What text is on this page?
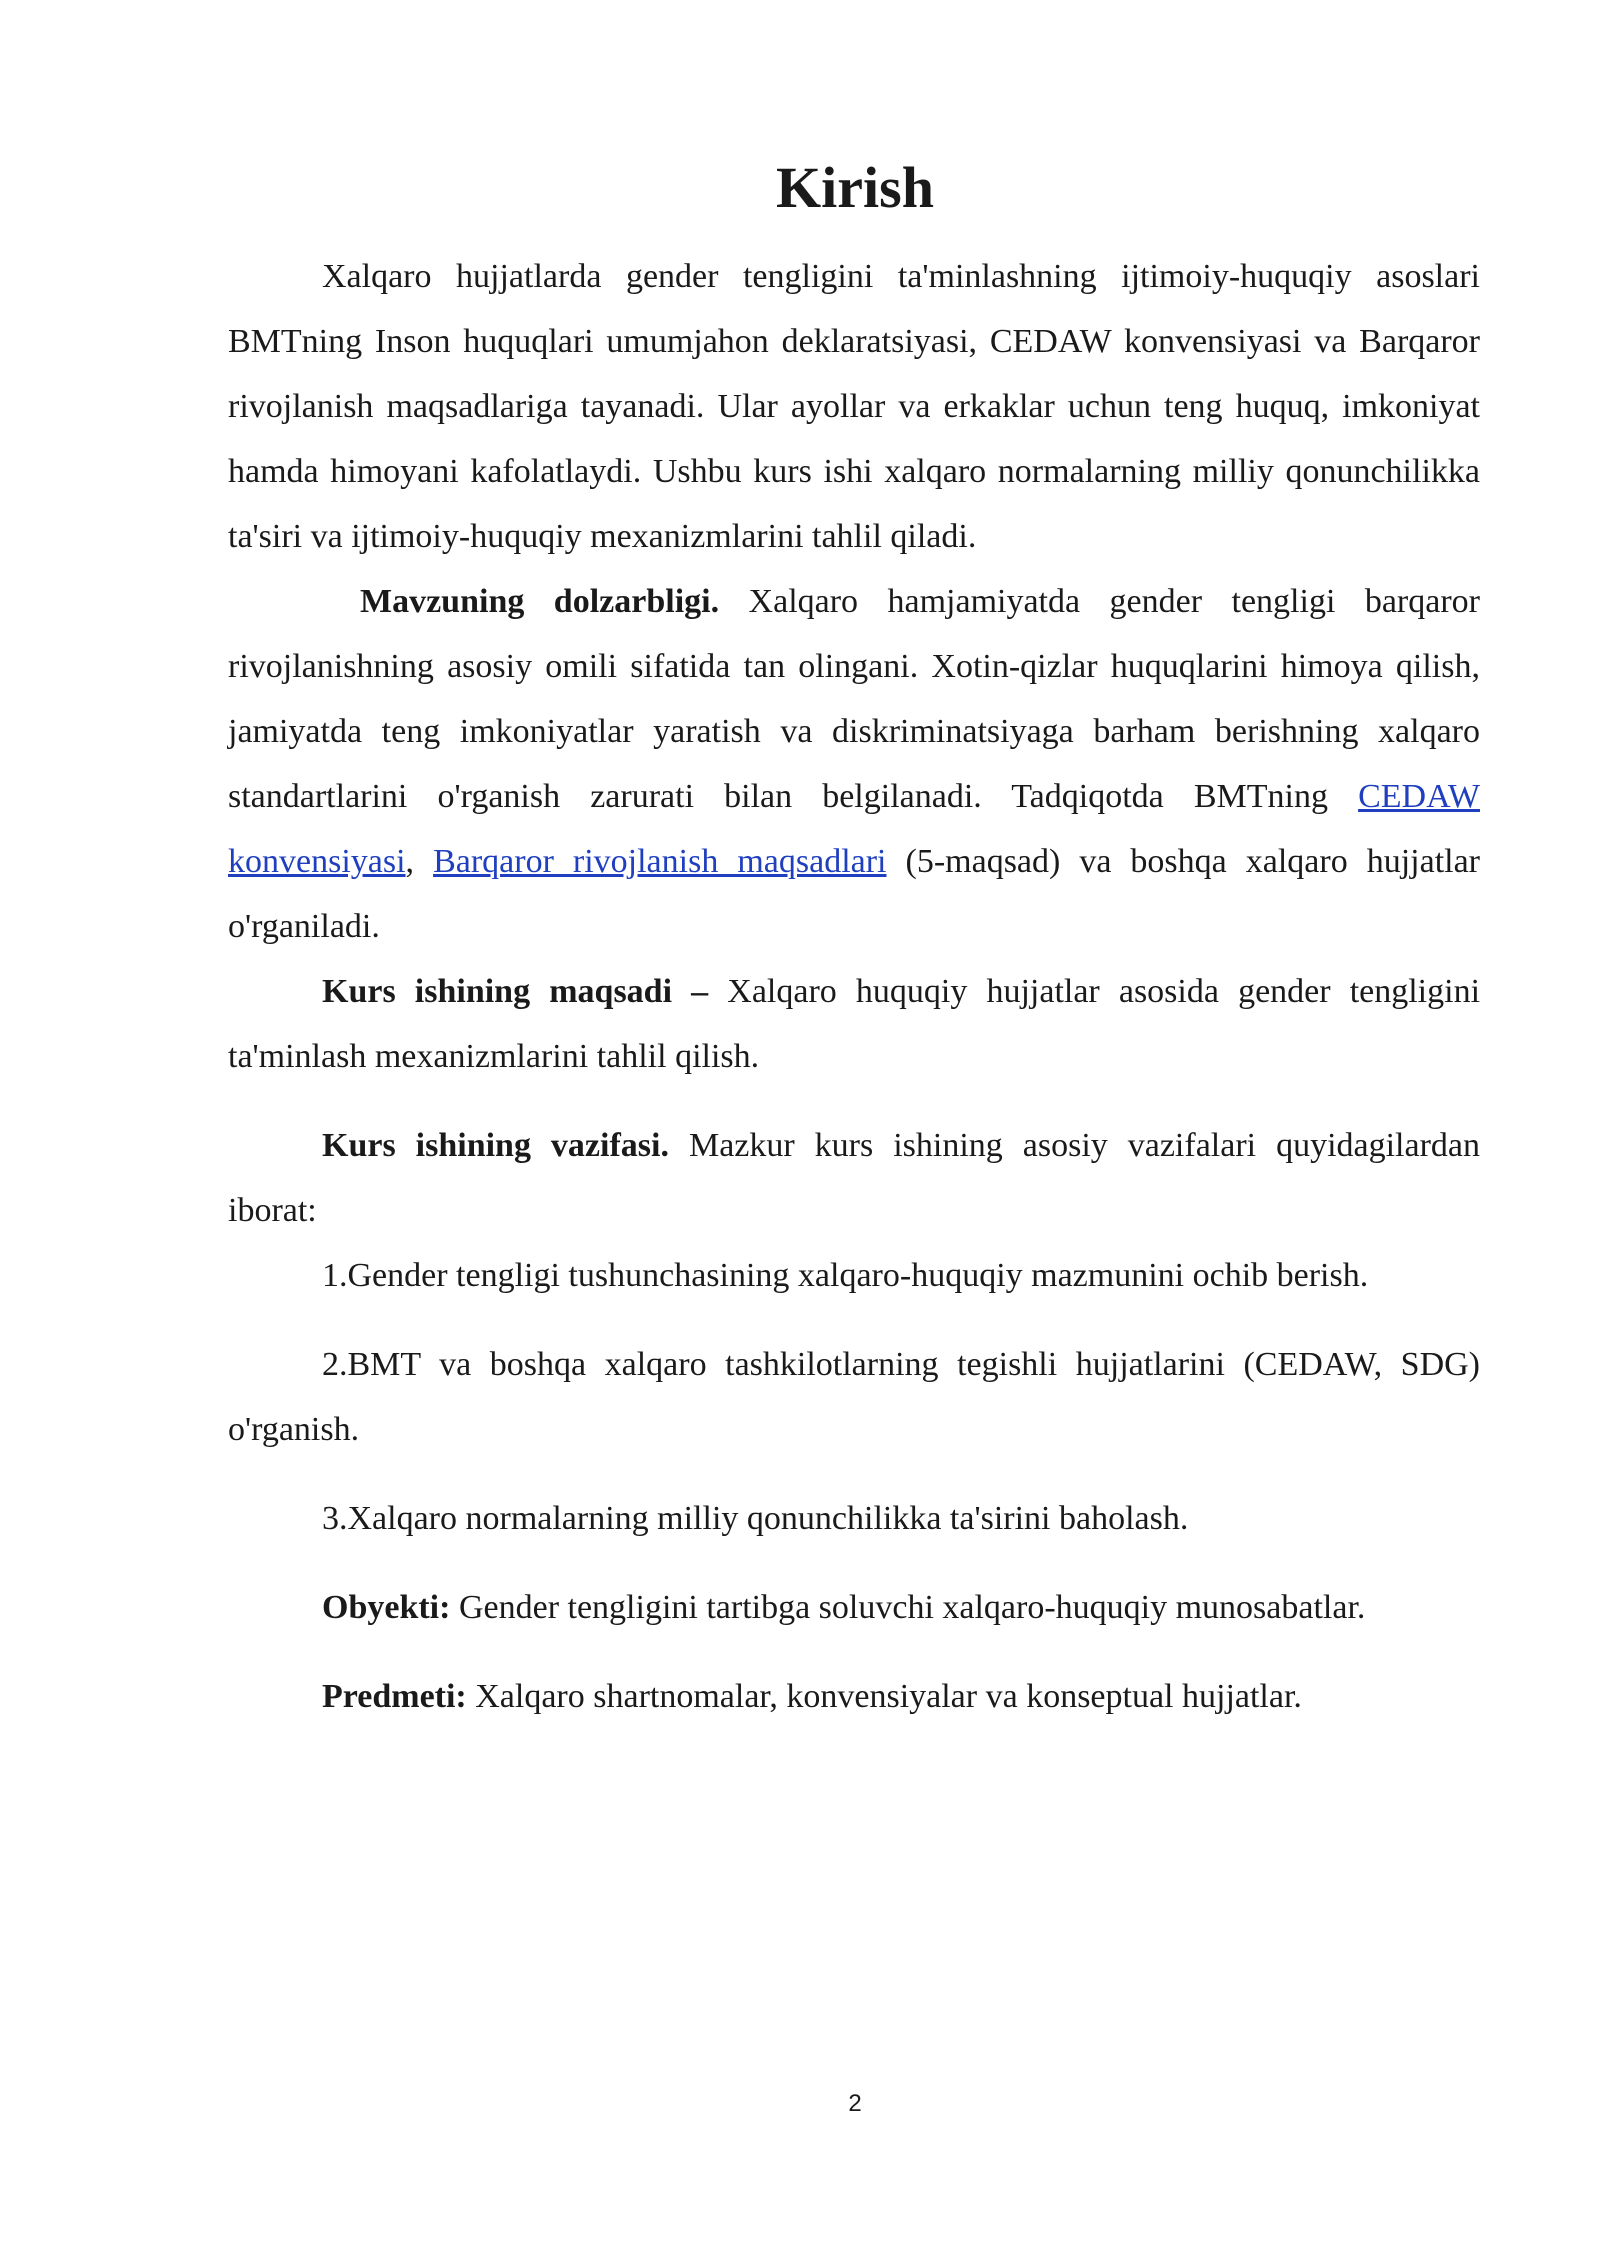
Kirish

Xalqaro hujjatlarda gender tengligini ta'minlashning ijtimoiy-huquqiy asoslari BMTning Inson huquqlari umumjahon deklaratsiyasi, CEDAW konvensiyasi va Barqaror rivojlanish maqsadlariga tayanadi. Ular ayollar va erkaklar uchun teng huquq, imkoniyat hamda himoyani kafolatlaydi. Ushbu kurs ishi xalqaro normalarning milliy qonunchilikka ta'siri va ijtimoiy-huquqiy mexanizmlarini tahlil qiladi.

Mavzuning dolzarbligi. Xalqaro hamjamiyatda gender tengligi barqaror rivojlanishning asosiy omili sifatida tan olingani. Xotin-qizlar huquqlarini himoya qilish, jamiyatda teng imkoniyatlar yaratish va diskriminatsiyaga barham berishning xalqaro standartlarini o'rganish zarurati bilan belgilanadi. Tadqiqotda BMTning CEDAW konvensiyasi, Barqaror rivojlanish maqsadlari (5-maqsad) va boshqa xalqaro hujjatlar o'rganiladi.

Kurs ishining maqsadi – Xalqaro huquqiy hujjatlar asosida gender tengligini ta'minlash mexanizmlarini tahlil qilish.

Kurs ishining vazifasi. Mazkur kurs ishining asosiy vazifalari quyidagilardan iborat:

1.Gender tengligi tushunchasining xalqaro-huquqiy mazmunini ochib berish.

2.BMT va boshqa xalqaro tashkilotlarning tegishli hujjatlarini (CEDAW, SDG) o'rganish.

3.Xalqaro normalarning milliy qonunchilikka ta'sirini baholash.

Obyekti: Gender tengligini tartibga soluvchi xalqaro-huquqiy munosabatlar.

Predmeti: Xalqaro shartnomalar, konvensiyalar va konseptual hujjatlar.

2
